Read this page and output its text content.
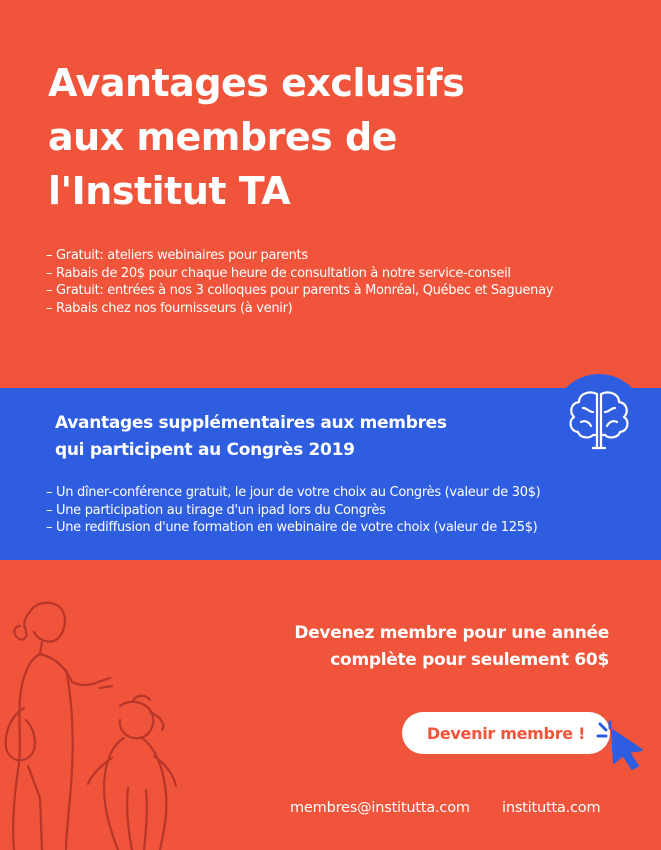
Avantages exclusifs
aux membres de
l'Institut TA
– Gratuit: ateliers webinaires pour parents
– Rabais de 20$ pour chaque heure de consultation à notre service-conseil
– Gratuit: entrées à nos 3 colloques pour parents à Monréal, Québec et Saguenay
– Rabais chez nos fournisseurs (à venir)
Avantages supplémentaires aux membres
qui participent au Congrès 2019
– Un dîner-conférence gratuit, le jour de votre choix au Congrès (valeur de 30$)
– Une participation au tirage d'un ipad lors du Congrès
– Une rediffusion d'une formation en webinaire de votre choix (valeur de 125$)

Devenez membre pour une année
complète pour seulement 60$

Devenir membre !
membres@institutta.com institutta.com
